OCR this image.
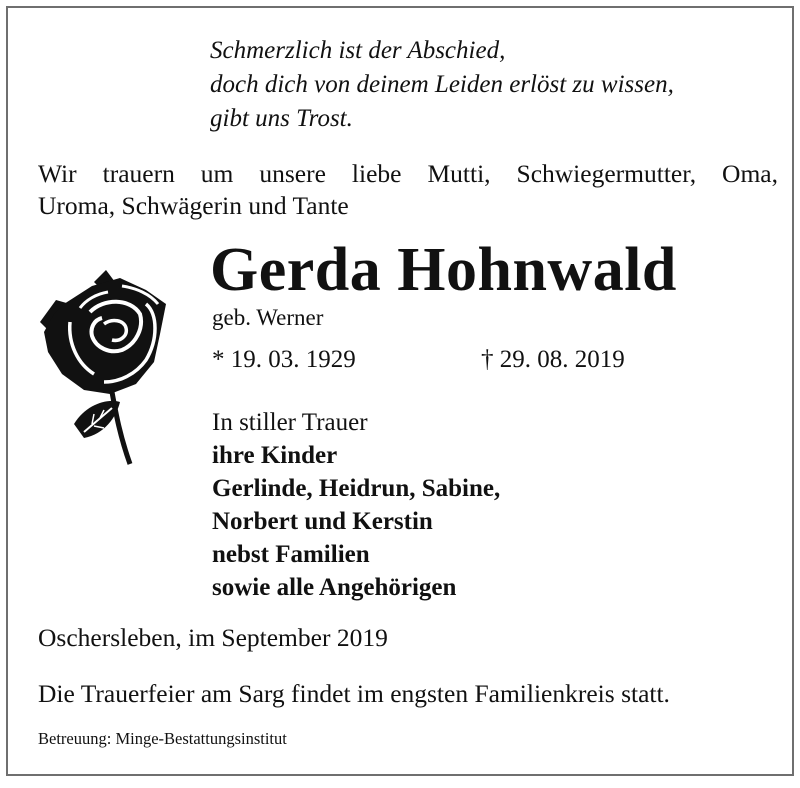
Schmerzlich ist der Abschied,
doch dich von deinem Leiden erlöst zu wissen,
gibt uns Trost.
Wir trauern um unsere liebe Mutti, Schwiegermutter, Oma,
Uroma, Schwägerin und Tante
Gerda Hohnwald
geb. Werner
* 19. 03. 1929	† 29. 08. 2019
In stiller Trauer
ihre Kinder
Gerlinde, Heidrun, Sabine,
Norbert und Kerstin
nebst Familien
sowie alle Angehörigen
Oschersleben, im September 2019
Die Trauerfeier am Sarg findet im engsten Familienkreis statt.
Betreuung: Minge-Bestattungsinstitut
